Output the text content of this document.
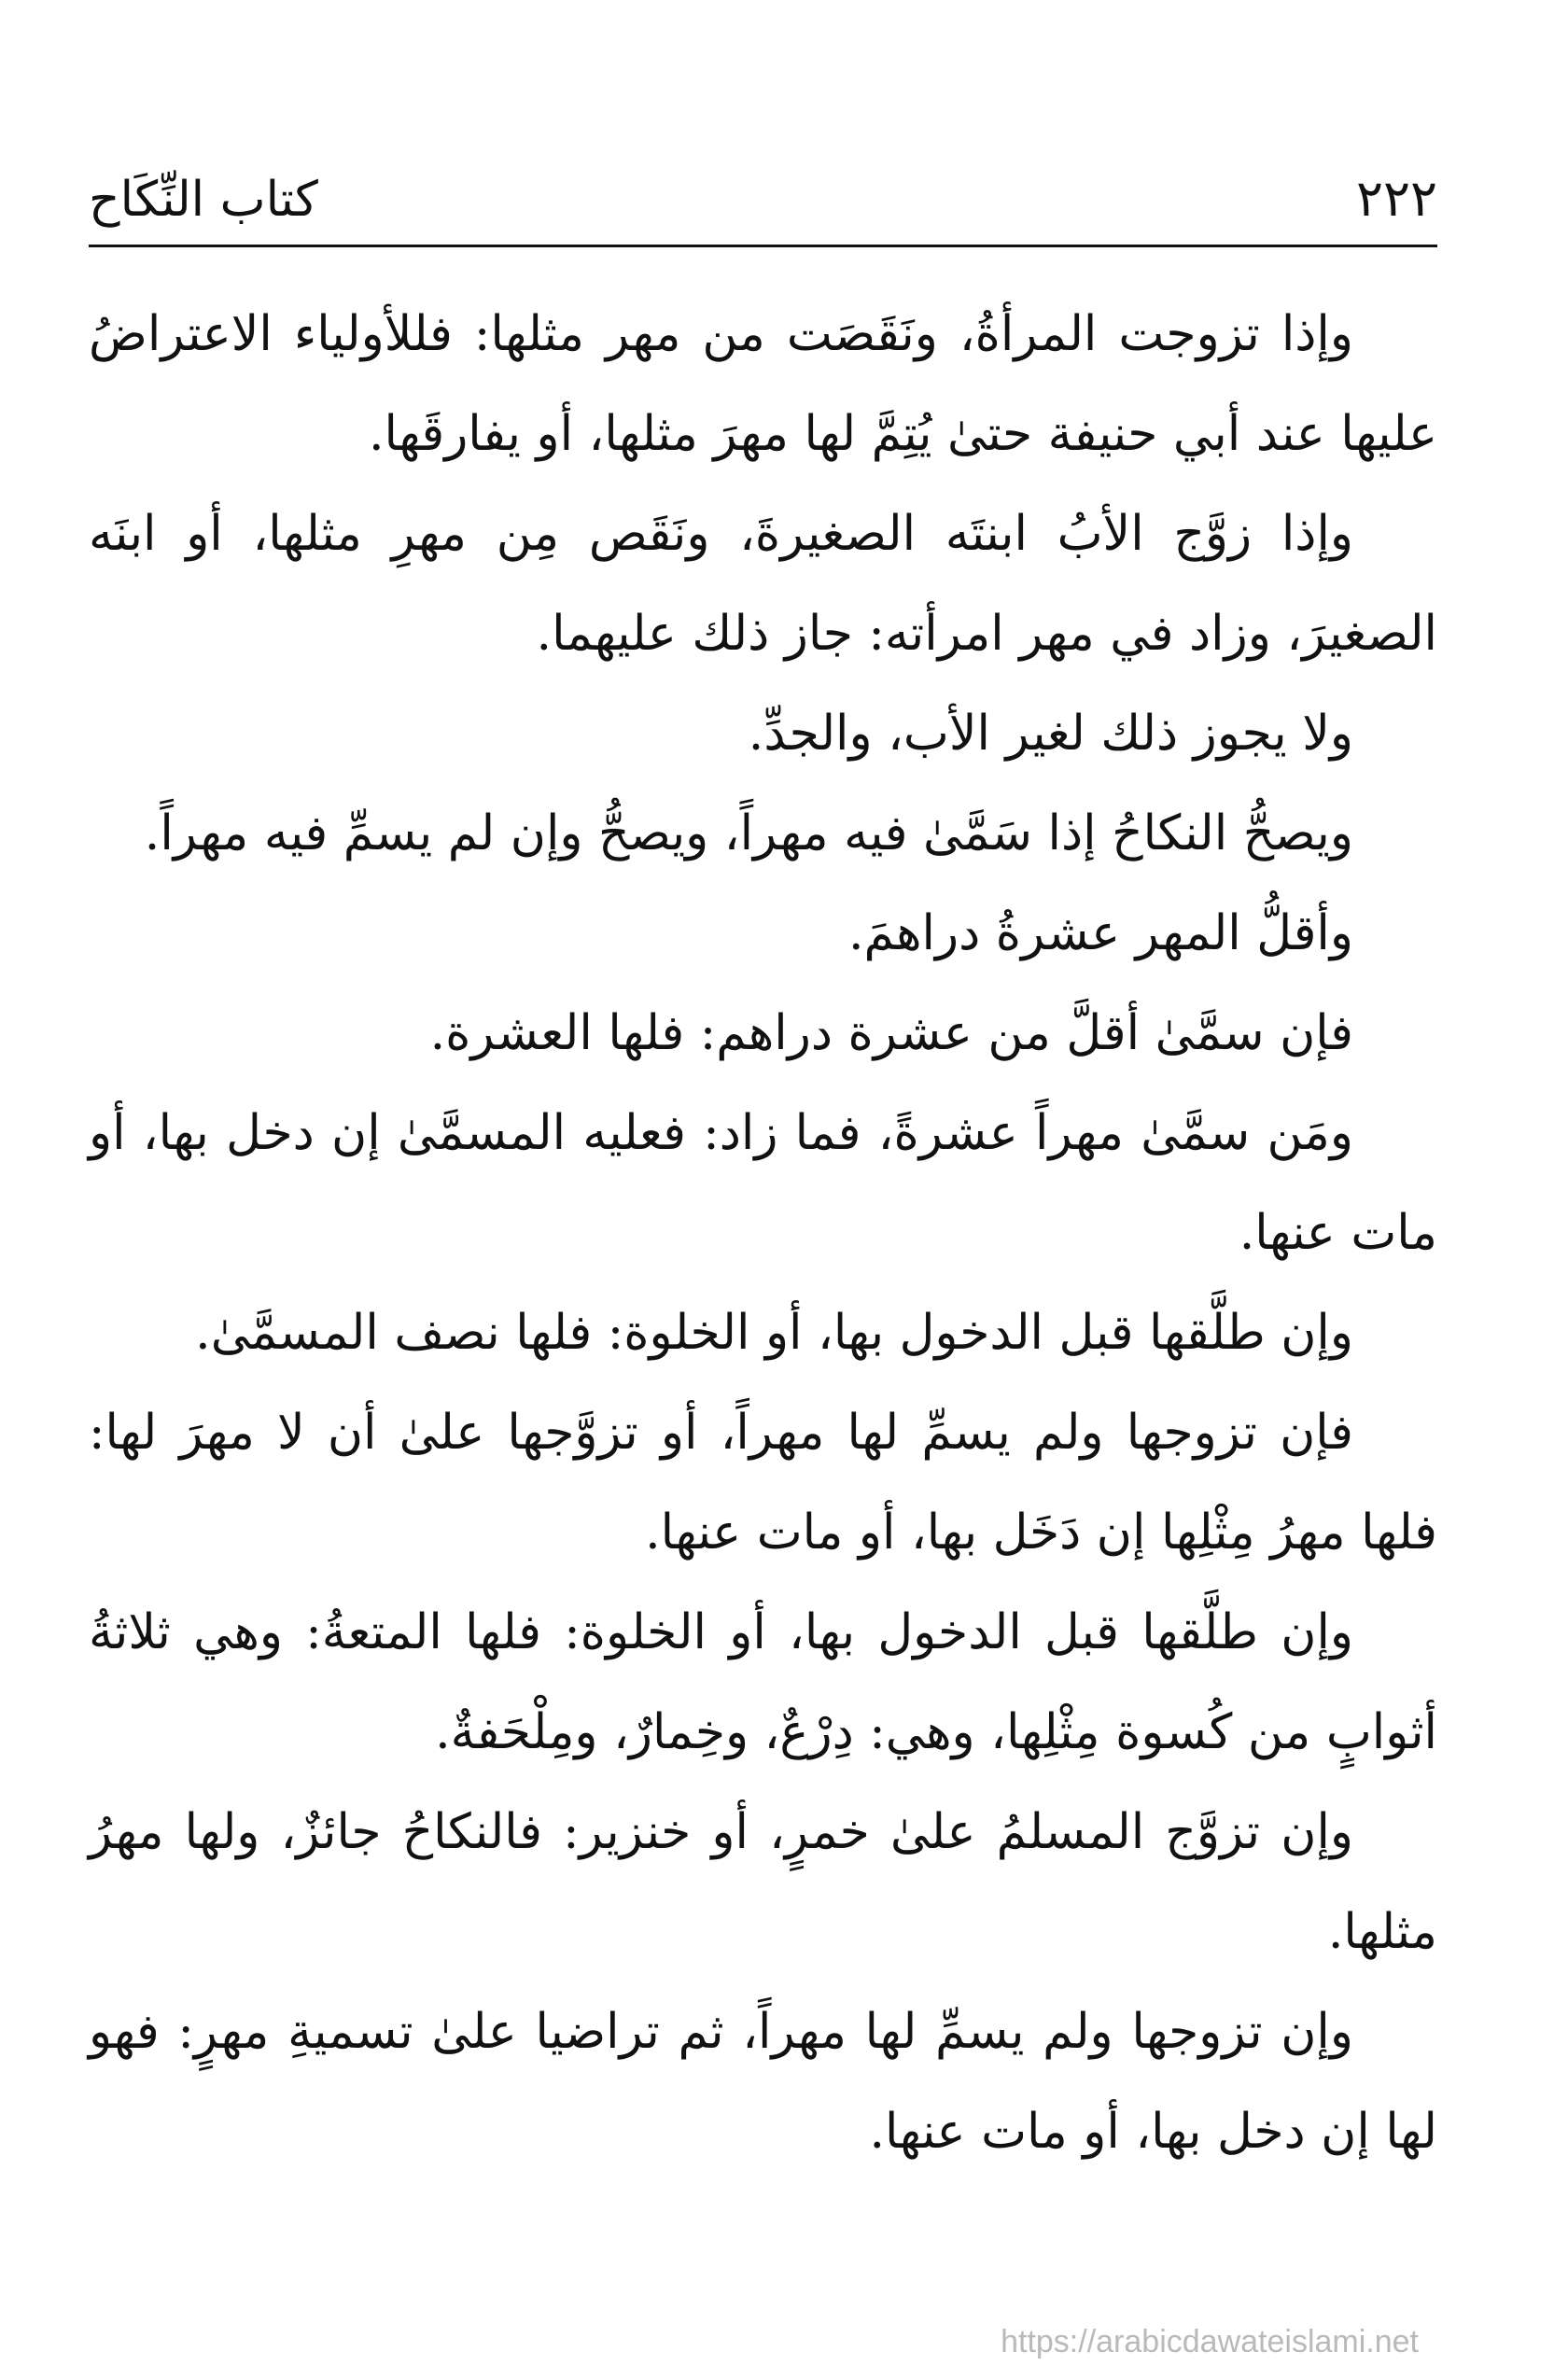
كتاب النِّكَاح	٢٢٢

وإذا تزوجت المرأةُ، ونَقَصَت من مهر مثلها: فللأولياء الاعتراضُ عليها عند أبي حنيفة حتىٰ يُتِمَّ لها مهرَ مثلها، أو يفارقَها.

وإذا زوَّج الأبُ ابنتَه الصغيرةَ، ونَقَص مِن مهرِ مثلها، أو ابنَه الصغيرَ، وزاد في مهر امرأته: جاز ذلك عليهما.

ولا يجوز ذلك لغير الأب، والجدِّ.

ويصحُّ النكاحُ إذا سَمَّىٰ فيه مهراً، ويصحُّ وإن لم يسمِّ فيه مهراً.

وأقلُّ المهر عشرةُ دراهمَ.

فإن سمَّىٰ أقلَّ من عشرة دراهم: فلها العشرة.

ومَن سمَّىٰ مهراً عشرةً، فما زاد: فعليه المسمَّىٰ إن دخل بها، أو مات عنها.

وإن طلَّقها قبل الدخول بها، أو الخلوة: فلها نصف المسمَّىٰ.

فإن تزوجها ولم يسمِّ لها مهراً، أو تزوَّجها علىٰ أن لا مهرَ لها: فلها مهرُ مِثْلِها إن دَخَل بها، أو مات عنها.

وإن طلَّقها قبل الدخول بها، أو الخلوة: فلها المتعةُ: وهي ثلاثةُ أثوابٍ من كُسوة مِثْلِها، وهي: دِرْعٌ، وخِمارٌ، ومِلْحَفةٌ.

وإن تزوَّج المسلمُ علىٰ خمرٍ، أو خنزير: فالنكاحُ جائزٌ، ولها مهرُ مثلها.

وإن تزوجها ولم يسمِّ لها مهراً، ثم تراضيا علىٰ تسميةِ مهرٍ: فهو لها إن دخل بها، أو مات عنها.

https://arabicdawateislami.net
